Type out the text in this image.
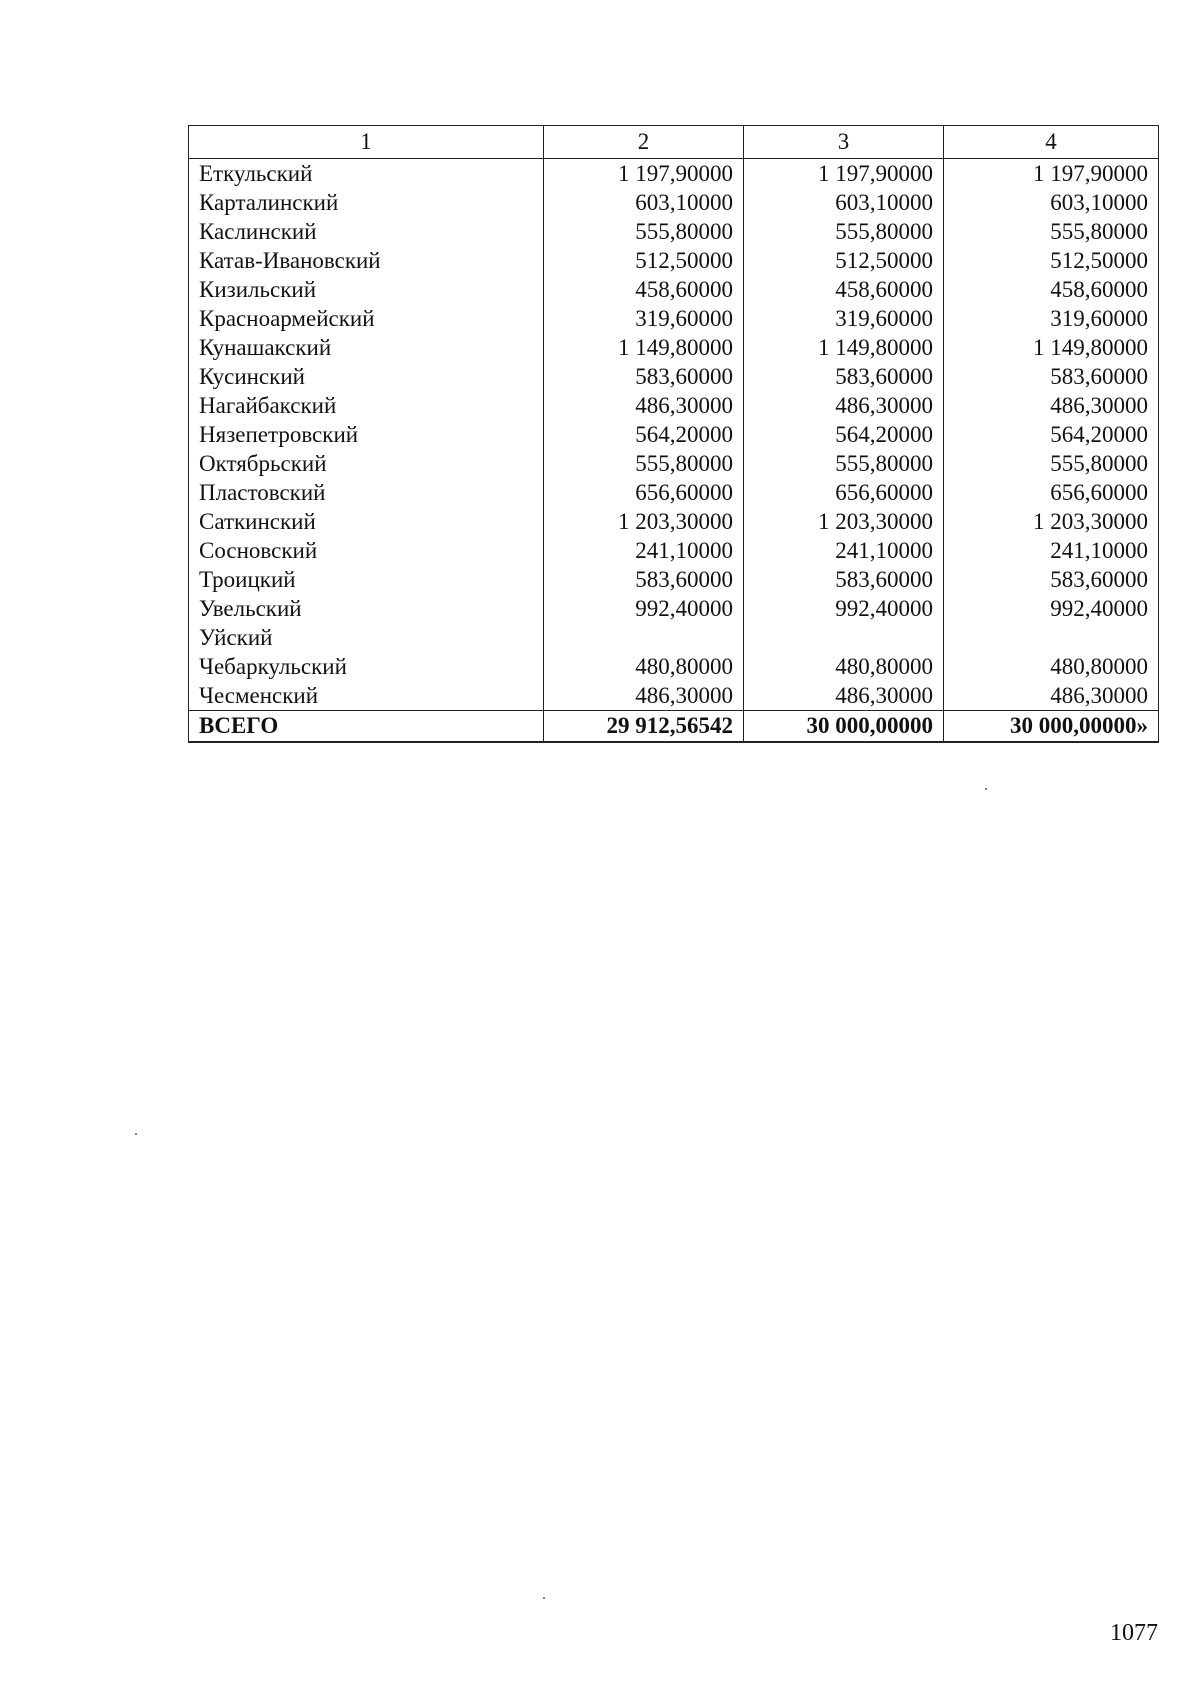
1	2	3	4
Еткульский	1 197,90000	1 197,90000	1 197,90000
Карталинский	603,10000	603,10000	603,10000
Каслинский	555,80000	555,80000	555,80000
Катав-Ивановский	512,50000	512,50000	512,50000
Кизильский	458,60000	458,60000	458,60000
Красноармейский	319,60000	319,60000	319,60000
Кунашакский	1 149,80000	1 149,80000	1 149,80000
Кусинский	583,60000	583,60000	583,60000
Нагайбакский	486,30000	486,30000	486,30000
Нязепетровский	564,20000	564,20000	564,20000
Октябрьский	555,80000	555,80000	555,80000
Пластовский	656,60000	656,60000	656,60000
Саткинский	1 203,30000	1 203,30000	1 203,30000
Сосновский	241,10000	241,10000	241,10000
Троицкий	583,60000	583,60000	583,60000
Увельский	992,40000	992,40000	992,40000
Уйский			
Чебаркульский	480,80000	480,80000	480,80000
Чесменский	486,30000	486,30000	486,30000
ВСЕГО	29 912,56542	30 000,00000	30 000,00000»
1077
